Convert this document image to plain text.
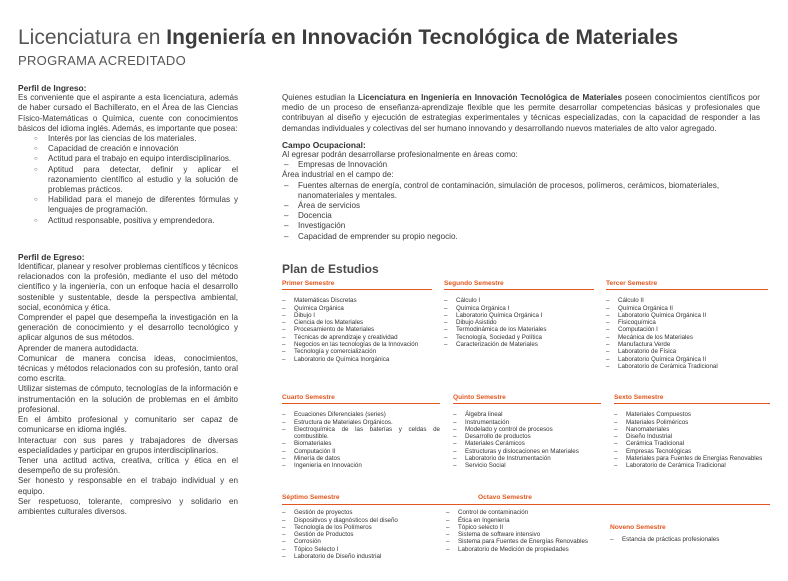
Licenciatura en Ingeniería en Innovación Tecnológica de Materiales
PROGRAMA ACREDITADO
Perfil de Ingreso:

Es conveniente que el aspirante a esta licenciatura, además de haber cursado el Bachillerato, en el Área de las Ciencias Físico-Matemáticas o Química, cuente con conocimientos básicos del idioma inglés. Además, es importante que posea:

○ Interés por las ciencias de los materiales.
○ Capacidad de creación e innovación
○ Actitud para el trabajo en equipo interdisciplinarios.
○ Aptitud para detectar, definir y aplicar el razonamiento científico al estudio y la solución de problemas prácticos.
○ Habilidad para el manejo de diferentes fórmulas y lenguajes de programación.
○ Actitud responsable, positiva y emprendedora.
Perfil de Egreso:

Identificar, planear y resolver problemas científicos y técnicos relacionados con la profesión, mediante el uso del método científico y la ingeniería, con un enfoque hacia el desarrollo sostenible y sustentable, desde la perspectiva ambiental, social, económica y ética.

Comprender el papel que desempeña la investigación en la generación de conocimiento y el desarrollo tecnológico y aplicar algunos de sus métodos.

Aprender de manera autodidacta.

Comunicar de manera concisa ideas, conocimientos, técnicas y métodos relacionados con su profesión, tanto oral como escrita.

Utilizar sistemas de cómputo, tecnologías de la información e instrumentación en la solución de problemas en el ámbito profesional.

En el ámbito profesional y comunitario ser capaz de comunicarse en idioma inglés.

Interactuar con sus pares y trabajadores de diversas especialidades y participar en grupos interdisciplinarios.

Tener una actitud activa, creativa, crítica y ética en el desempeño de su profesión.

Ser honesto y responsable en el trabajo individual y en equipo.

Ser respetuoso, tolerante, compresivo y solidario en ambientes culturales diversos.

Quienes estudian la Licenciatura en Ingeniería en Innovación Tecnológica de Materiales poseen conocimientos científicos por medio de un proceso de enseñanza-aprendizaje flexible que les permite desarrollar competencias básicas y profesionales que contribuyan al diseño y ejecución de estrategias experimentales y técnicas especializadas, con la capacidad de responder a las demandas individuales y colectivas del ser humano innovando y desarrollando nuevos materiales de alto valor agregado.

Campo Ocupacional:

Al egresar podrán desarrollarse profesionalmente en áreas como:

– Empresas de Innovación

Área industrial en el campo de:

– Fuentes alternas de energía, control de contaminación, simulación de procesos, polímeros, cerámicos, biomateriales, nanomateriales y mentales.
– Área de servicios
– Docencia
– Investigación
– Capacidad de emprender su propio negocio.
Plan de Estudios
Primer Semestre
– Matemáticas Discretas
– Química Orgánica
– Dibujo I
– Ciencia de los Materiales
– Procesamiento de Materiales
– Técnicas de aprendizaje y creatividad
– Negocios en las tecnologías de la Innovación
– Tecnología y comercialización
– Laboratorio de Química Inorgánica
Segundo Semestre
– Cálculo I
– Química Orgánica I
– Laboratorio Química Orgánica I
– Dibujo Asistido
– Termodinámica de los Materiales
– Tecnología, Sociedad y Política
– Caracterización de Materiales
Tercer Semestre
– Cálculo II
– Química Orgánica II
– Laboratorio Química Orgánica II
– Fisicoquímica
– Computación I
– Mecánica de los Materiales
– Manufactura Verde
– Laboratorio de Física
– Laboratorio Química Orgánica II
– Laboratorio de Cerámica Tradicional
Cuarto Semestre
– Ecuaciones Diferenciales (series)
– Estructura de Materiales Orgánicos.
– Electroquímica de las baterías y celdas de combustible.
– Biomateriales
– Computación II
– Minería de datos
– Ingeniería en Innovación
Quinto Semestre
– Álgebra lineal
– Instrumentación
– Modelado y control de procesos
– Desarrollo de productos
– Materiales Cerámicos
– Estructuras y dislocaciones en Materiales
– Laboratorio de Instrumentación
– Servicio Social
Sexto Semestre
– Materiales Compuestos
– Materiales Poliméricos
– Nanomateriales
– Diseño Industrial
– Cerámica Tradicional
– Empresas Tecnológicas
– Materiales para Fuentes de Energías Renovables
– Laboratorio de Cerámica Tradicional
Séptimo Semestre
– Gestión de proyectos
– Dispositivos y diagnósticos del diseño
– Tecnología de los Polímeros
– Gestión de Productos
– Corrosión
– Tópico Selecto I
– Laboratorio de Diseño industrial
Octavo Semestre
– Control de contaminación
– Ética en Ingeniería
– Tópico selecto II
– Sistema de software intensivo
– Sistema para Fuentes de Energías Renovables
– Laboratorio de Medición de propiedades
Noveno Semestre
– Estancia de prácticas profesionales
